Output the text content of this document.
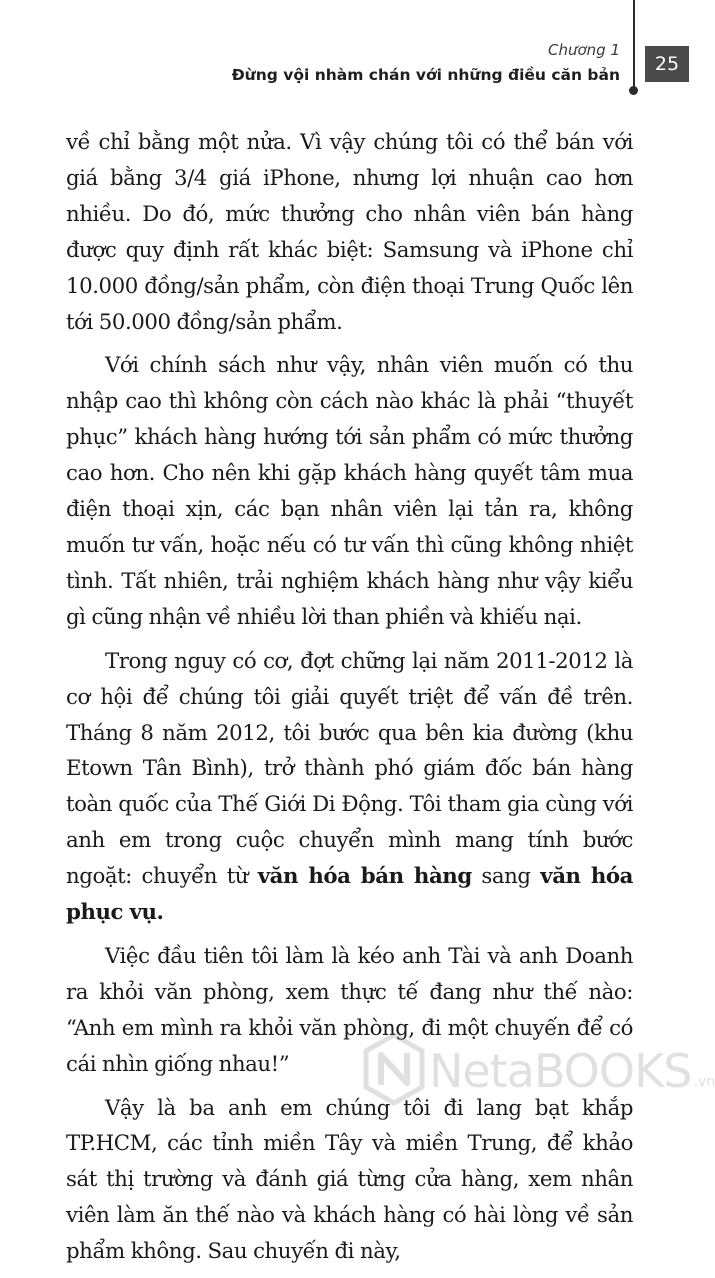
Chương 1
Đừng vội nhàm chán với những điều căn bản	25

về chỉ bằng một nửa. Vì vậy chúng tôi có thể bán với giá bằng 3/4 giá iPhone, nhưng lợi nhuận cao hơn nhiều. Do đó, mức thưởng cho nhân viên bán hàng được quy định rất khác biệt: Samsung và iPhone chỉ 10.000 đồng/sản phẩm, còn điện thoại Trung Quốc lên tới 50.000 đồng/sản phẩm.

Với chính sách như vậy, nhân viên muốn có thu nhập cao thì không còn cách nào khác là phải “thuyết phục” khách hàng hướng tới sản phẩm có mức thưởng cao hơn. Cho nên khi gặp khách hàng quyết tâm mua điện thoại xịn, các bạn nhân viên lại tản ra, không muốn tư vấn, hoặc nếu có tư vấn thì cũng không nhiệt tình. Tất nhiên, trải nghiệm khách hàng như vậy kiểu gì cũng nhận về nhiều lời than phiền và khiếu nại.

Trong nguy có cơ, đợt chững lại năm 2011-2012 là cơ hội để chúng tôi giải quyết triệt để vấn đề trên. Tháng 8 năm 2012, tôi bước qua bên kia đường (khu Etown Tân Bình), trở thành phó giám đốc bán hàng toàn quốc của Thế Giới Di Động. Tôi tham gia cùng với anh em trong cuộc chuyển mình mang tính bước ngoặt: chuyển từ văn hóa bán hàng sang văn hóa phục vụ.

Việc đầu tiên tôi làm là kéo anh Tài và anh Doanh ra khỏi văn phòng, xem thực tế đang như thế nào: “Anh em mình ra khỏi văn phòng, đi một chuyến để có cái nhìn giống nhau!”

Vậy là ba anh em chúng tôi đi lang bạt khắp TP.HCM, các tỉnh miền Tây và miền Trung, để khảo sát thị trường và đánh giá từng cửa hàng, xem nhân viên làm ăn thế nào và khách hàng có hài lòng về sản phẩm không. Sau chuyến đi này,

NetaBOOKS .vn
